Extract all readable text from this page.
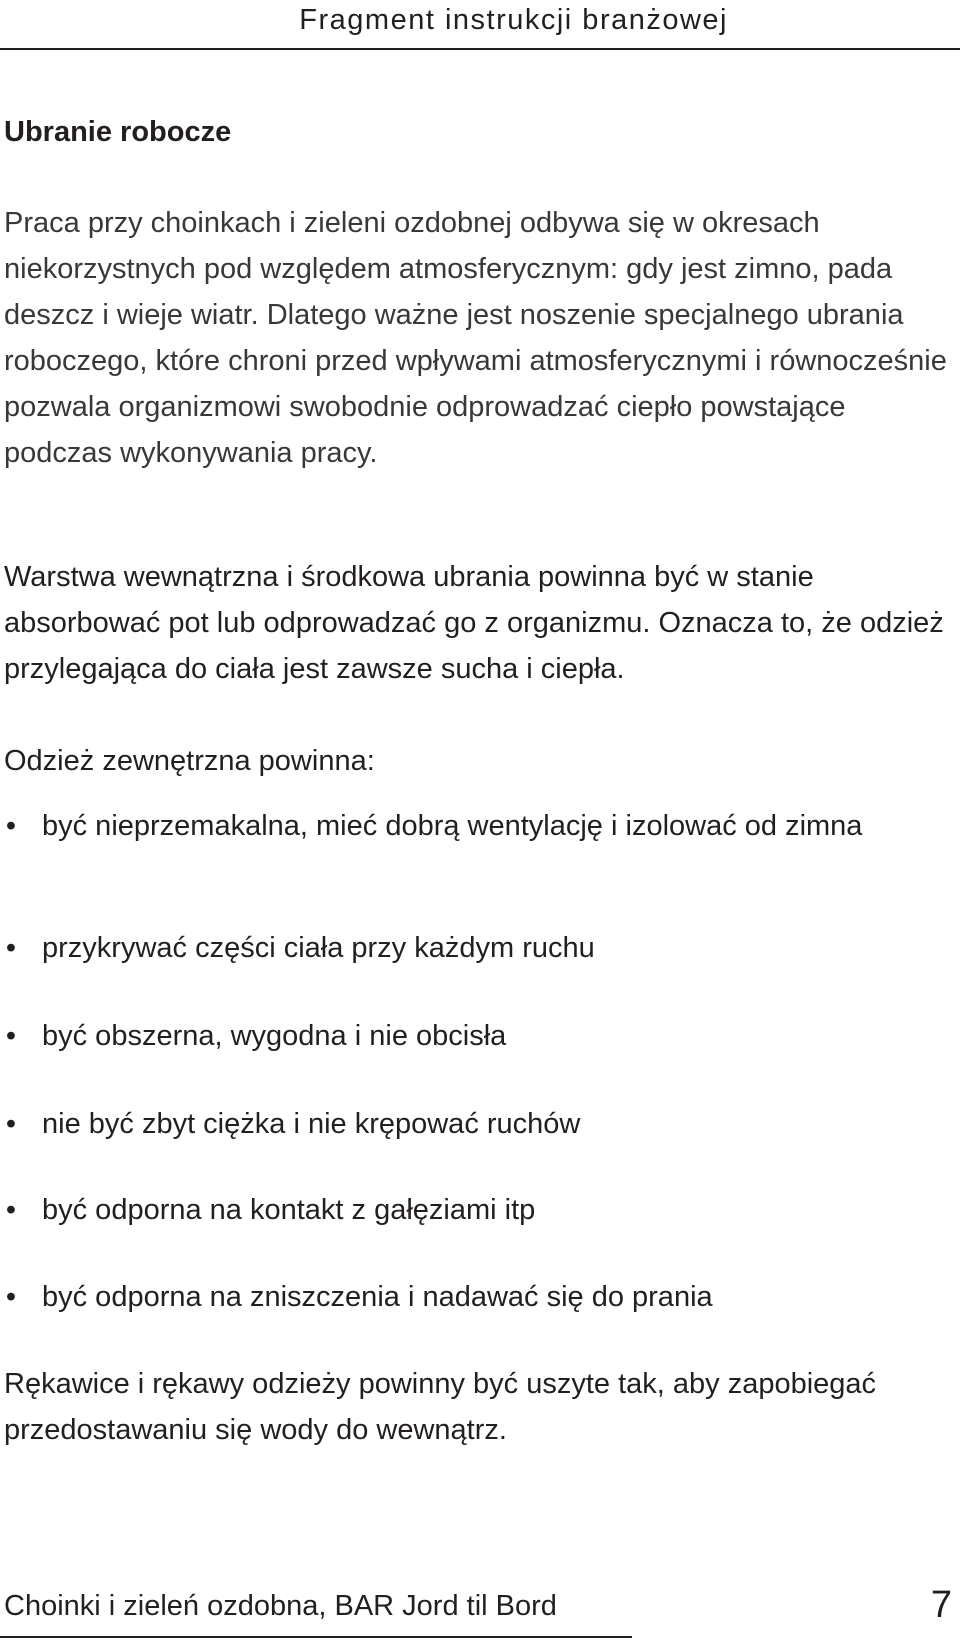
Fragment instrukcji branżowej
Ubranie robocze

Praca przy choinkach i zieleni ozdobnej odbywa się w okresach niekorzystnych pod względem atmosferycznym: gdy jest zimno, pada deszcz i wieje wiatr. Dlatego ważne jest noszenie specjalnego ubrania roboczego, które chroni przed wpływami atmosferycznymi i równocześnie pozwala organizmowi swobodnie odprowadzać ciepło powstające podczas wykonywania pracy.

Warstwa wewnątrzna i środkowa ubrania powinna być w stanie absorbować pot lub odprowadzać go z organizmu. Oznacza to, że odzież przylegająca do ciała jest zawsze sucha i ciepła.

Odzież zewnętrzna powinna:

• być nieprzemakalna, mieć dobrą wentylację i izolować od zimna
• przykrywać części ciała przy każdym ruchu
• być obszerna, wygodna i nie obcisła
• nie być zbyt ciężka i nie krępować ruchów
• być odporna na kontakt z gałęziami itp
• być odporna na zniszczenia i nadawać się do prania

Rękawice i rękawy odzieży powinny być uszyte tak, aby zapobiegać przedostawaniu się wody do wewnątrz.

Choinki i zieleń ozdobna, BAR Jord til Bord	7
